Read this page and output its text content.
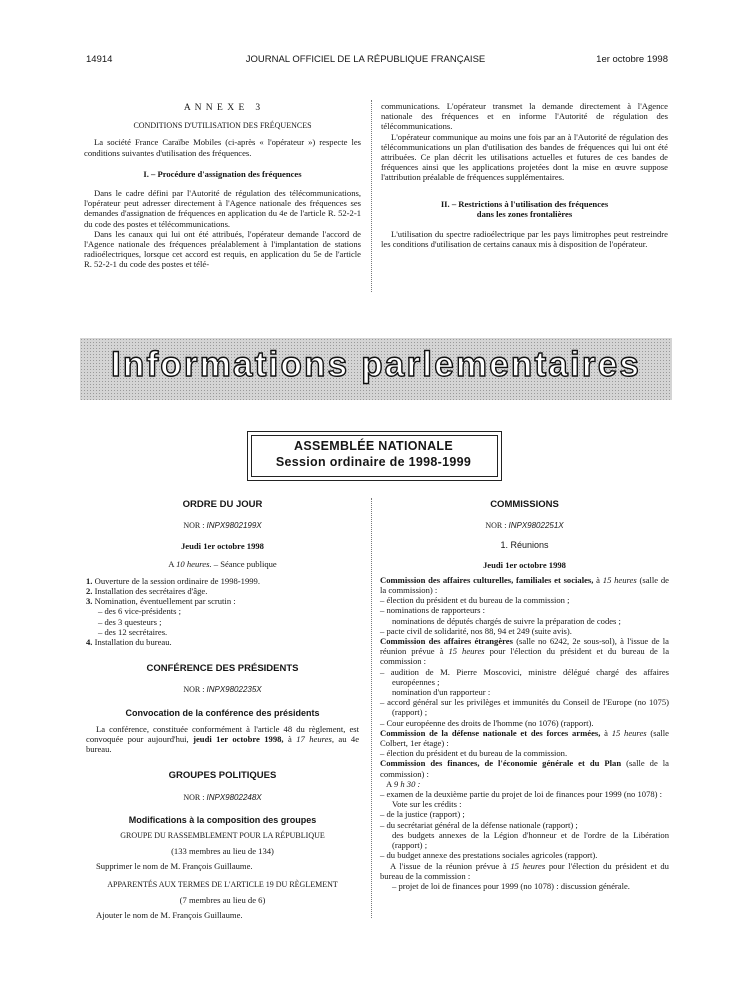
14914	JOURNAL OFFICIEL DE LA RÉPUBLIQUE FRANÇAISE	1er octobre 1998
A N N E X E   3
CONDITIONS D'UTILISATION DES FRÉQUENCES

La société France Caraïbe Mobiles (ci-après « l'opérateur ») respecte les conditions suivantes d'utilisation des fréquences.

I. – Procédure d'assignation des fréquences

Dans le cadre défini par l'Autorité de régulation des télécommunications, l'opérateur peut adresser directement à l'Agence nationale des fréquences ses demandes d'assignation de fréquences en application du 4e de l'article R. 52-2-1 du code des postes et télécommunications.

Dans les canaux qui lui ont été attribués, l'opérateur demande l'accord de l'Agence nationale des fréquences préalablement à l'implantation de stations radioélectriques, lorsque cet accord est requis, en application du 5e de l'article R. 52-2-1 du code des postes et télé-

communications. L'opérateur transmet la demande directement à l'Agence nationale des fréquences et en informe l'Autorité de régulation des télécommunications.

L'opérateur communique au moins une fois par an à l'Autorité de régulation des télécommunications un plan d'utilisation des bandes de fréquences qui lui ont été attribuées. Ce plan décrit les utilisations actuelles et futures de ces bandes de fréquences ainsi que les applications projetées dont la mise en œuvre suppose l'attribution préalable de fréquences supplémentaires.

II. – Restrictions à l'utilisation des fréquences
dans les zones frontalières

L'utilisation du spectre radioélectrique par les pays limitrophes peut restreindre les conditions d'utilisation de certains canaux mis à disposition de l'opérateur.

Informations parlementaires
ASSEMBLÉE NATIONALE
Session ordinaire de 1998-1999
ORDRE DU JOUR
NOR : INPX9802199X
Jeudi 1er octobre 1998
A 10 heures. – Séance publique
1. Ouverture de la session ordinaire de 1998-1999.
2. Installation des secrétaires d'âge.
3. Nomination, éventuellement par scrutin :
– des 6 vice-présidents ;
– des 3 questeurs ;
– des 12 secrétaires.
4. Installation du bureau.
CONFÉRENCE DES PRÉSIDENTS
NOR : INPX9802235X
Convocation de la conférence des présidents

La conférence, constituée conformément à l'article 48 du règlement, est convoquée pour aujourd'hui, jeudi 1er octobre 1998, à 17 heures, au 4e bureau.

GROUPES POLITIQUES
NOR : INPX9802248X
Modifications à la composition des groupes
GROUPE DU RASSEMBLEMENT POUR LA RÉPUBLIQUE
(133 membres au lieu de 134)

Supprimer le nom de M. François Guillaume.

APPARENTÉS AUX TERMES DE L'ARTICLE 19 DU RÈGLEMENT
(7 membres au lieu de 6)

Ajouter le nom de M. François Guillaume.

COMMISSIONS
NOR : INPX9802251X
1. Réunions
Jeudi 1er octobre 1998

Commission des affaires culturelles, familiales et sociales, à 15 heures (salle de la commission) :

– élection du président et du bureau de la commission ;
– nominations de rapporteurs :
nominations de députés chargés de suivre la préparation de codes ;
– pacte civil de solidarité, nos 88, 94 et 249 (suite avis).

Commission des affaires étrangères (salle no 6242, 2e sous-sol), à l'issue de la réunion prévue à 15 heures pour l'élection du président et du bureau de la commission :

– audition de M. Pierre Moscovici, ministre délégué chargé des affaires européennes ;
nomination d'un rapporteur :
– accord général sur les privilèges et immunités du Conseil de l'Europe (no 1075) (rapport) ;
– Cour européenne des droits de l'homme (no 1076) (rapport).

Commission de la défense nationale et des forces armées, à 15 heures (salle Colbert, 1er étage) :

– élection du président et du bureau de la commission.

Commission des finances, de l'économie générale et du Plan (salle de la commission) :

A 9 h 30 :
– examen de la deuxième partie du projet de loi de finances pour 1999 (no 1078) :
Vote sur les crédits :
– de la justice (rapport) ;
– du secrétariat général de la défense nationale (rapport) ;
des budgets annexes de la Légion d'honneur et de l'ordre de la Libération (rapport) ;
– du budget annexe des prestations sociales agricoles (rapport).

A l'issue de la réunion prévue à 15 heures pour l'élection du président et du bureau de la commission :

– projet de loi de finances pour 1999 (no 1078) : discussion générale.
